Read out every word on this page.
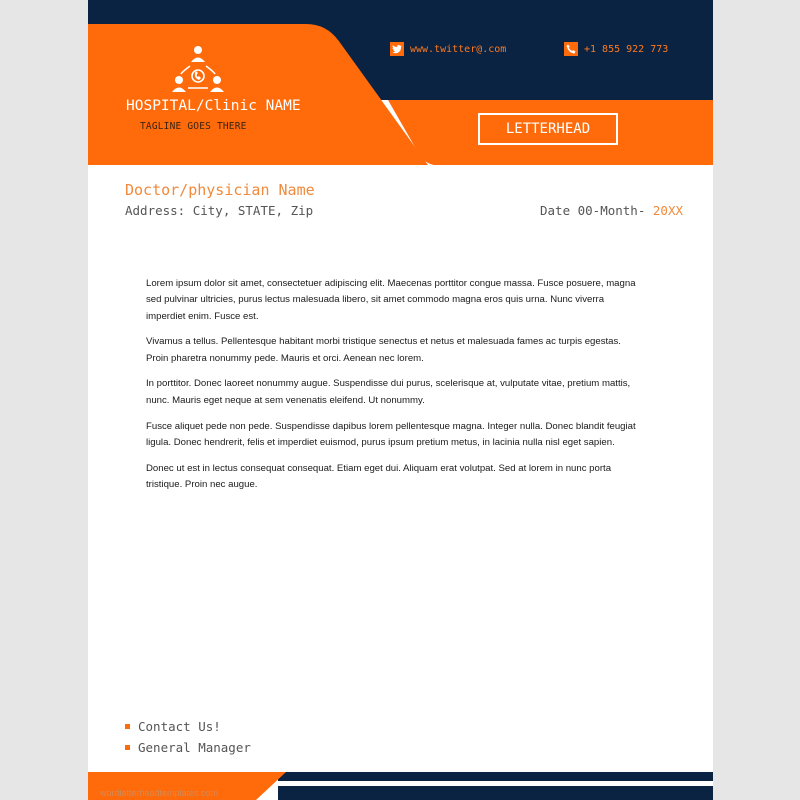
HOSPITAL/Clinic NAME
TAGLINE GOES THERE
www.twitter@.com	+1 855 922 773
LETTERHEAD
Doctor/physician Name
Address: City, STATE, Zip	Date 00-Month- 20XX

Lorem ipsum dolor sit amet, consectetuer adipiscing elit. Maecenas porttitor congue massa. Fusce posuere, magna sed pulvinar ultricies, purus lectus malesuada libero, sit amet commodo magna eros quis urna. Nunc viverra imperdiet enim. Fusce est.

Vivamus a tellus. Pellentesque habitant morbi tristique senectus et netus et malesuada fames ac turpis egestas. Proin pharetra nonummy pede. Mauris et orci. Aenean nec lorem.

In porttitor. Donec laoreet nonummy augue. Suspendisse dui purus, scelerisque at, vulputate vitae, pretium mattis, nunc. Mauris eget neque at sem venenatis eleifend. Ut nonummy.

Fusce aliquet pede non pede. Suspendisse dapibus lorem pellentesque magna. Integer nulla. Donec blandit feugiat ligula. Donec hendrerit, felis et imperdiet euismod, purus ipsum pretium metus, in lacinia nulla nisl eget sapien.

Donec ut est in lectus consequat consequat. Etiam eget dui. Aliquam erat volutpat. Sed at lorem in nunc porta tristique. Proin nec augue.

Contact Us!
General Manager
wordletterheadtemplates.com
